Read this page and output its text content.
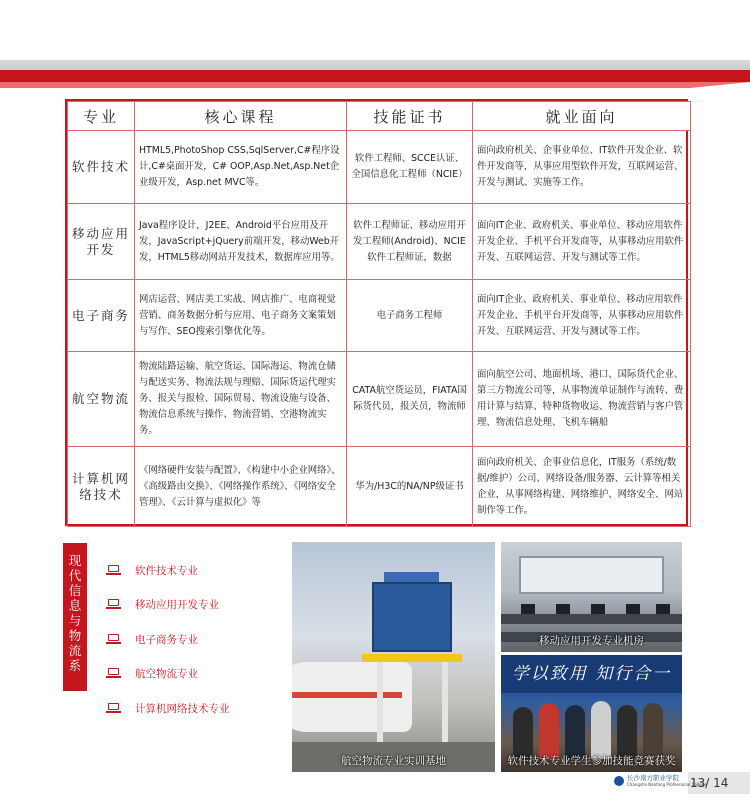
专业	核心课程	技能证书	就业面向
软件技术	HTML5,PhotoShop CSS,SqlServer,C#程序设计,C#桌面开发，C# OOP,Asp.Net,Asp.Net企业级开发，Asp.net MVC等。	软件工程师、SCCE认证、全国信息化工程师（NCIE）	面向政府机关、企事业单位、IT软件开发企业、软件开发商等，从事应用型软件开发，互联网运营、开发与测试、实施等工作。
移动应用开发	Java程序设计，J2EE、Android平台应用及开发，JavaScript+jQuery前端开发，移动Web开发，HTML5移动网站开发技术，数据库应用等。	软件工程师证、移动应用开发工程师(Android)、NCIE软件工程师证，数据	面向IT企业、政府机关、事业单位、移动应用软件开发企业、手机平台开发商等，从事移动应用软件开发、互联网运营、开发与测试等工作。
电子商务	网店运营、网店美工实战、网店推广、电商视觉营销、商务数据分析与应用、电子商务文案策划与写作、SEO搜索引擎优化等。	电子商务工程师	面向IT企业、政府机关、事业单位、移动应用软件开发企业、手机平台开发商等，从事移动应用软件开发、互联网运营、开发与测试等工作。
航空物流	物流陆路运输、航空货运、国际海运、物流仓储与配送实务、物流法规与理赔、国际货运代理实务、报关与报检、国际贸易、物流设施与设备、物流信息系统与操作、物流营销、空港物流实务。	CATA航空货运员，FIATA国际货代员，报关员，物流师	面向航空公司、地面机场、港口、国际货代企业、第三方物流公司等，从事物流单证制作与流转、费用计算与结算、特种货物收运、物流营销与客户管理、物流信息处理、飞机车辆船
计算机网络技术	《网络硬件安装与配置》、《构建中小企业网络》、《高级路由交换》、《网络操作系统》、《网络安全管理》、《云计算与虚拟化》等	华为/H3C的NA/NP级证书	面向政府机关、企事业信息化，IT服务（系统/数据/维护）公司、网络设备/服务器、云计算等相关企业，从事网络构建、网络维护、网络安全、网站制作等工作。
现
代
信
息
与
物
流
系
软件技术专业
移动应用开发专业
电子商务专业
航空物流专业
计算机网络技术专业
航空物流专业实训基地
移动应用开发专业机房
学以致用 知行合一
软件技术专业学生参加技能竞赛获奖
长沙南方职业学院
Changsha Nanfang Professional College
13/ 14
